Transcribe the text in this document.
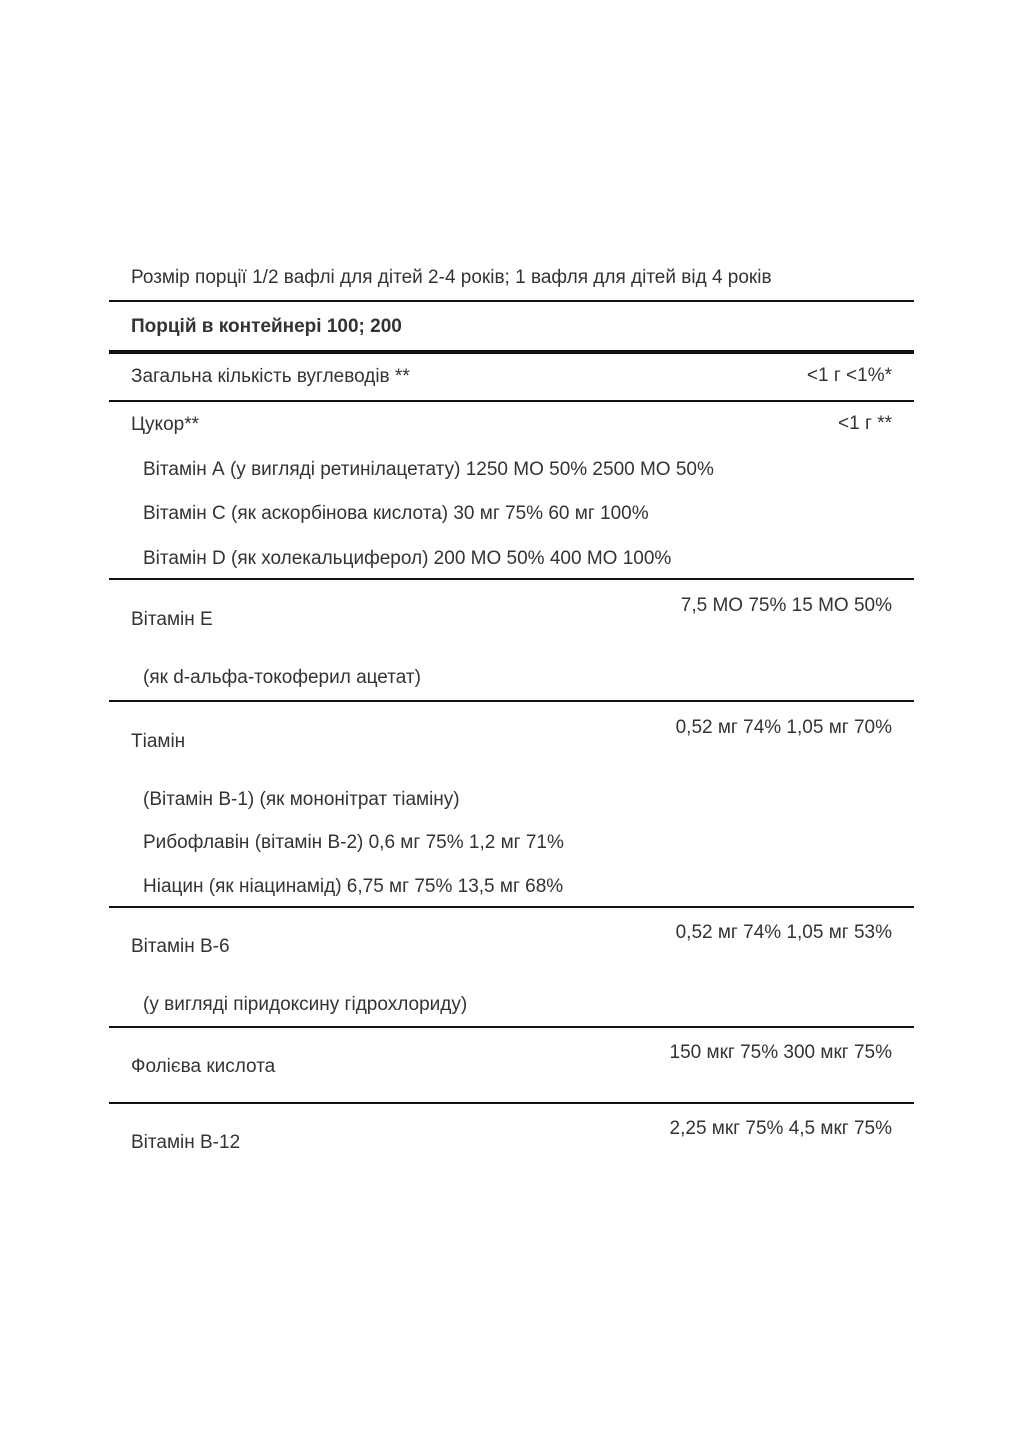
Розмір порції 1/2 вафлі для дітей 2-4 років; 1 вафля для дітей від 4 років
Порцій в контейнері 100; 200
Загальна кількість вуглеводів **	<1 г <1%*
Цукор**	<1 г **
Вітамін А (у вигляді ретинілацетату) 1250 МО 50% 2500 МО 50%
Вітамін С (як аскорбінова кислота) 30 мг 75% 60 мг 100%
Вітамін D (як холекальциферол) 200 МО 50% 400 МО 100%
Вітамін Е
7,5 МО 75% 15 МО 50%
(як d-альфа-токоферил ацетат)
Тіамін
0,52 мг 74% 1,05 мг 70%
(Вітамін В-1) (як мононітрат тіаміну)
Рибофлавін (вітамін В-2) 0,6 мг 75% 1,2 мг 71%
Ніацин (як ніацинамід) 6,75 мг 75% 13,5 мг 68%
Вітамін В-6
0,52 мг 74% 1,05 мг 53%
(у вигляді піридоксину гідрохлориду)
Фолієва кислота
150 мкг 75% 300 мкг 75%
Вітамін В-12
2,25 мкг 75% 4,5 мкг 75%
